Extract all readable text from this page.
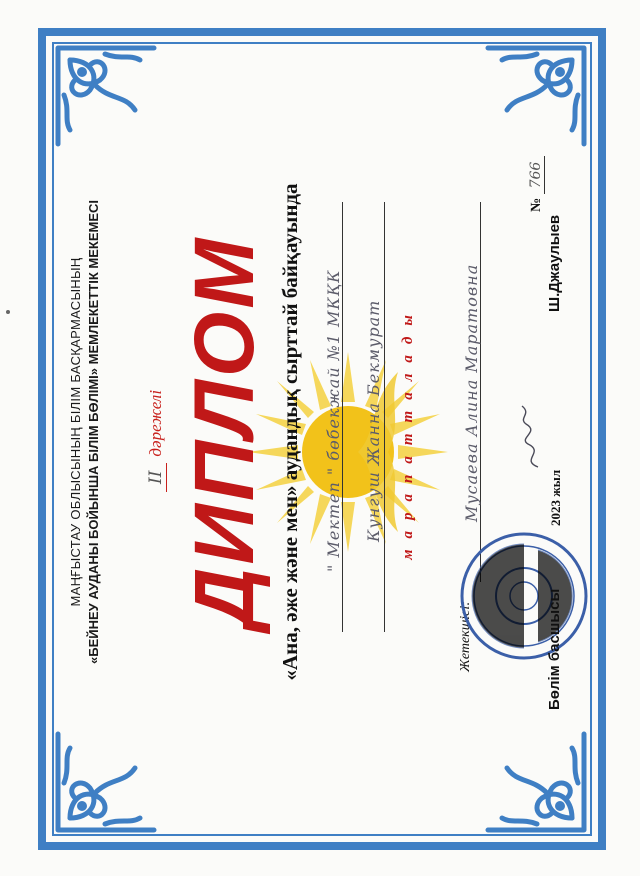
МАҢҒЫСТАУ ОБЛЫСЫНЫҢ БІЛІМ БАСҚАРМАСЫНЫҢ «БЕЙНЕУ АУДАНЫ БОЙЫНША БІЛІМ БӨЛІМІ» МЕМЛЕКЕТТІК МЕКЕМЕСІ	IIдәрежелі ДИПЛОМ «Ана, әже және мен» аудандық сырттай байқауында " Мектеп " бөбекжай №1 МКҚК Кунгуш Жанна Бекмурат марапатталады
Жетекшісі:
Мусаева Алина Маратовна
Бөлім басшысы
2023 жыл
Ш.Джаулыев
№ 766
